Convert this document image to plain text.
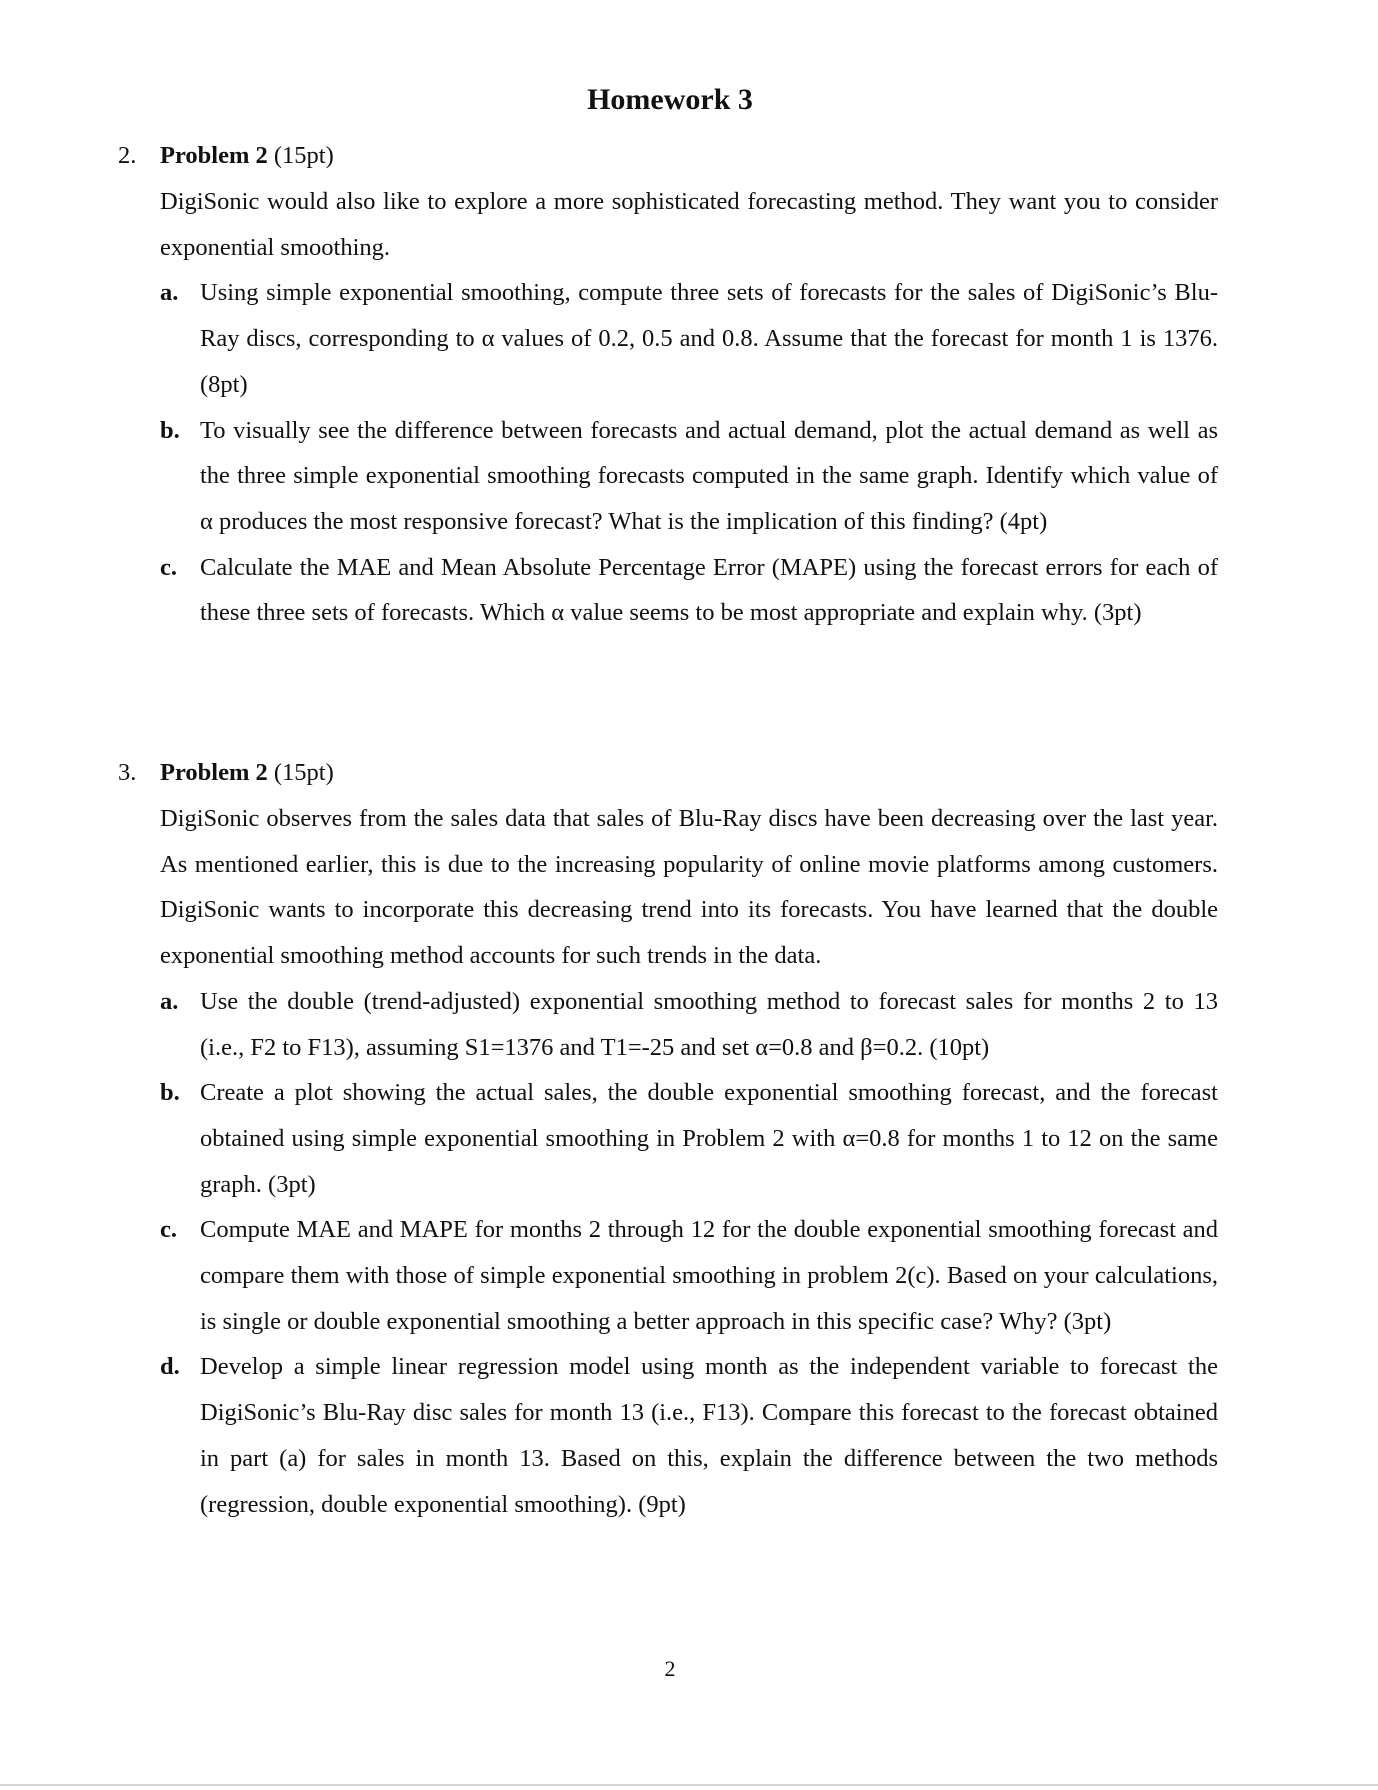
Homework 3
2. Problem 2 (15pt)
DigiSonic would also like to explore a more sophisticated forecasting method. They want you to consider exponential smoothing.
a. Using simple exponential smoothing, compute three sets of forecasts for the sales of DigiSonic’s Blu-Ray discs, corresponding to α values of 0.2, 0.5 and 0.8. Assume that the forecast for month 1 is 1376. (8pt)
b. To visually see the difference between forecasts and actual demand, plot the actual demand as well as the three simple exponential smoothing forecasts computed in the same graph. Identify which value of α produces the most responsive forecast? What is the implication of this finding? (4pt)
c. Calculate the MAE and Mean Absolute Percentage Error (MAPE) using the forecast errors for each of these three sets of forecasts. Which α value seems to be most appropriate and explain why. (3pt)
3. Problem 2 (15pt)
DigiSonic observes from the sales data that sales of Blu-Ray discs have been decreasing over the last year. As mentioned earlier, this is due to the increasing popularity of online movie platforms among customers. DigiSonic wants to incorporate this decreasing trend into its forecasts. You have learned that the double exponential smoothing method accounts for such trends in the data.
a. Use the double (trend-adjusted) exponential smoothing method to forecast sales for months 2 to 13 (i.e., F2 to F13), assuming S1=1376 and T1=-25 and set α=0.8 and β=0.2. (10pt)
b. Create a plot showing the actual sales, the double exponential smoothing forecast, and the forecast obtained using simple exponential smoothing in Problem 2 with α=0.8 for months 1 to 12 on the same graph. (3pt)
c. Compute MAE and MAPE for months 2 through 12 for the double exponential smoothing forecast and compare them with those of simple exponential smoothing in problem 2(c). Based on your calculations, is single or double exponential smoothing a better approach in this specific case? Why? (3pt)
d. Develop a simple linear regression model using month as the independent variable to forecast the DigiSonic’s Blu-Ray disc sales for month 13 (i.e., F13). Compare this forecast to the forecast obtained in part (a) for sales in month 13. Based on this, explain the difference between the two methods (regression, double exponential smoothing). (9pt)
2
